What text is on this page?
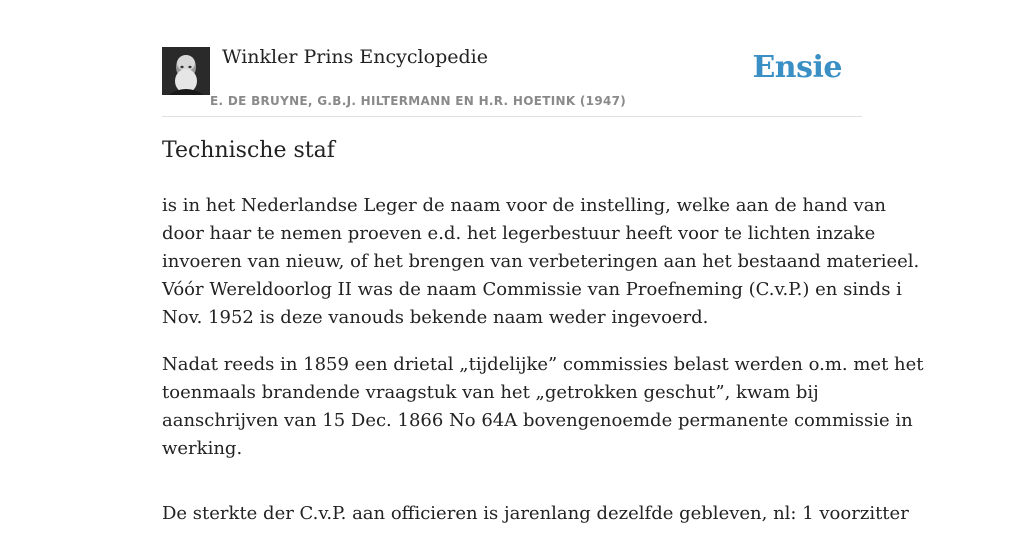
Winkler Prins Encyclopedie
E. DE BRUYNE, G.B.J. HILTERMANN EN H.R. HOETINK (1947)
Ensie
Technische staf

is in het Nederlandse Leger de naam voor de instelling, welke aan de hand van
door haar te nemen proeven e.d. het legerbestuur heeft voor te lichten inzake
invoeren van nieuw, of het brengen van verbeteringen aan het bestaand materieel.
Vóór Wereldoorlog II was de naam Commissie van Proefneming (C.v.P.) en sinds i
Nov. 1952 is deze vanouds bekende naam weder ingevoerd.

Nadat reeds in 1859 een drietal „tijdelijke” commissies belast werden o.m. met het
toenmaals brandende vraagstuk van het „getrokken geschut”, kwam bij
aanschrijven van 15 Dec. 1866 No 64A bovengenoemde permanente commissie in
werking.

De sterkte der C.v.P. aan officieren is jarenlang dezelfde gebleven, nl: 1 voorzitter
